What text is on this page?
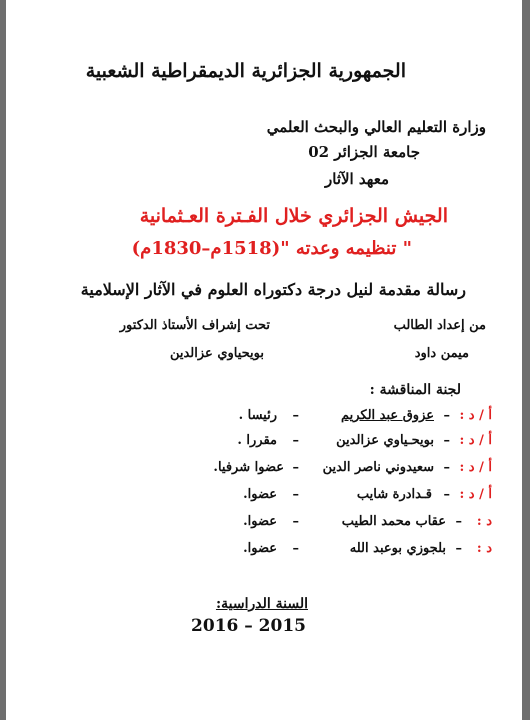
الجمهورية الجزائرية الديمقراطية الشعبية
وزارة التعليم العالي والبحث العلمي
جامعة الجزائر 02
معهد الآثار
الجيش الجزائري خلال الفـترة العـثمانية
" تنظيمه وعدته "(1518م–1830م)
رسالة مقدمة لنيل درجة دكتوراه العلوم في الآثار الإسلامية
من إعداد الطالب
ميمن داود
تحت إشراف الأستاذ الدكتور
بويحياوي عزالدين
لجنة المناقشة :
أ / د :
–
عزوق عبد الكريم
–
رئيسا .
أ / د :
–
بويحـياوي عزالدين
–
مقررا .
أ / د :
–
سعيدوني ناصر الدين
–
عضوا شرفيا.
أ / د :
–
قـدادرة شايب
–
عضوا.
د :
–
عقاب محمد الطيب
–
عضوا.
د :
–
بلجوزي بوعبد الله
–
عضوا.
السنة الدراسية:
2016 – 2015
